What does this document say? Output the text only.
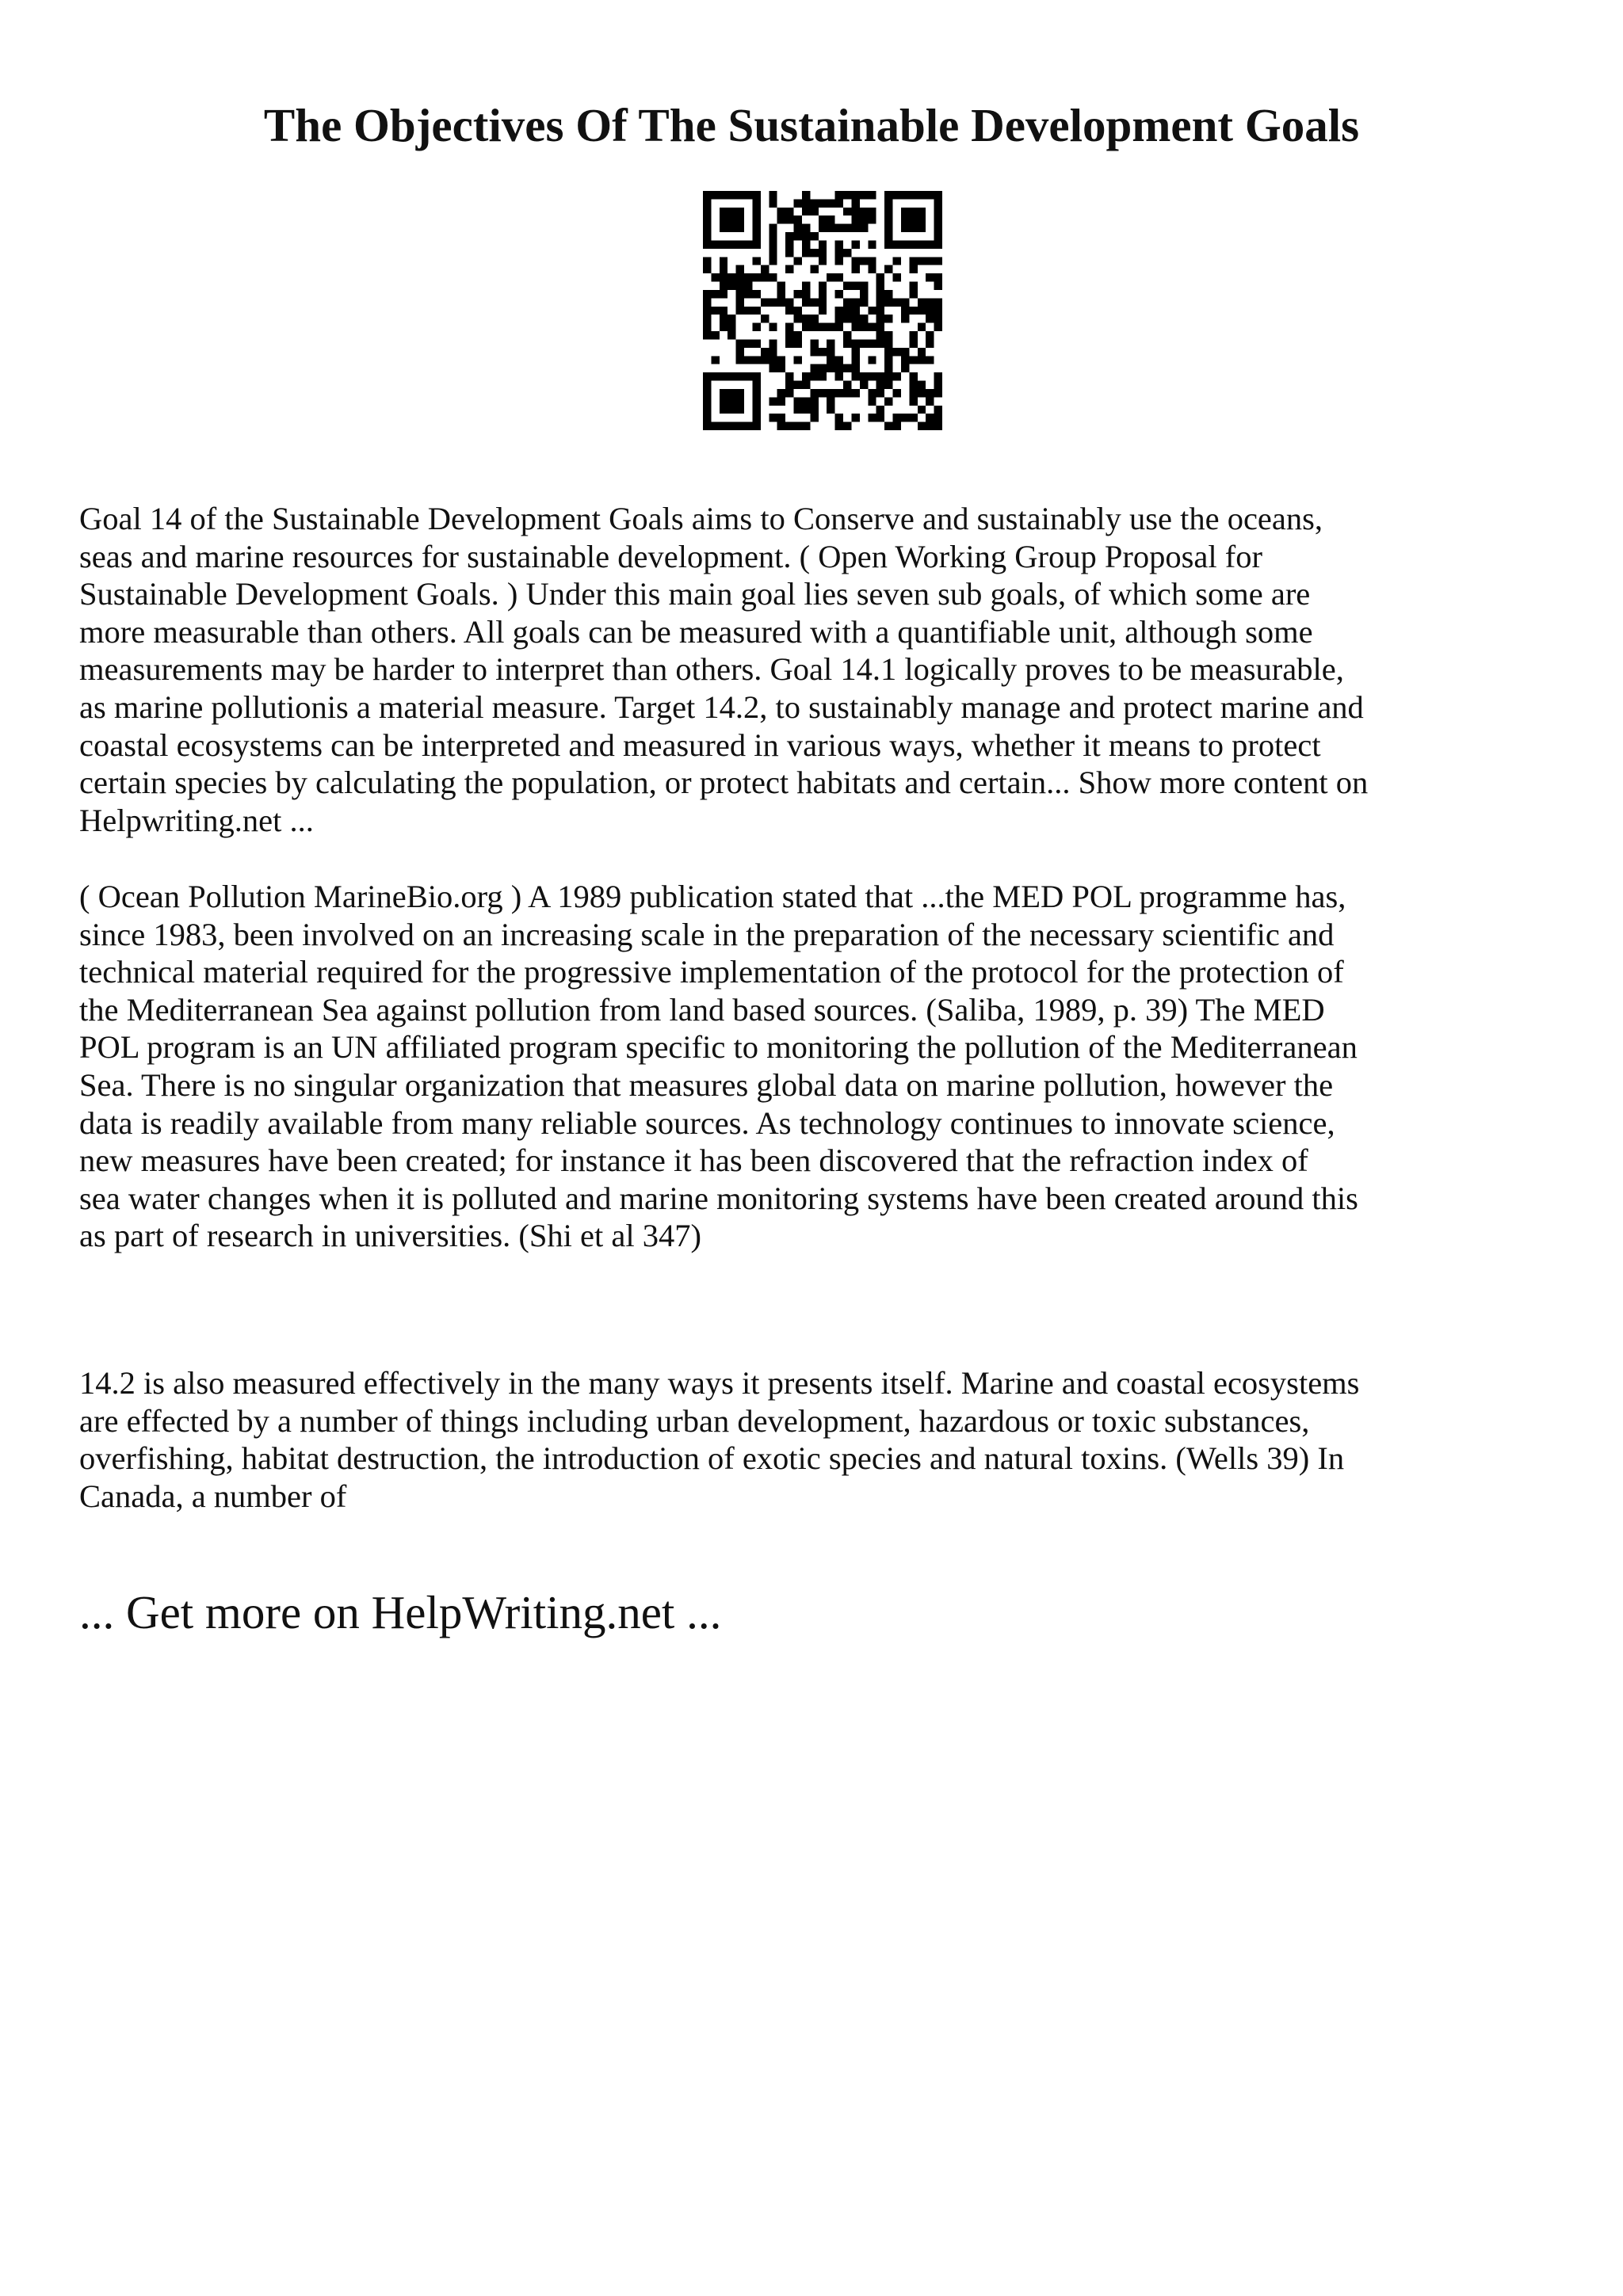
The Objectives Of The Sustainable Development Goals
Goal 14 of the Sustainable Development Goals aims to Conserve and sustainably use the oceans,
seas and marine resources for sustainable development. ( Open Working Group Proposal for
Sustainable Development Goals. ) Under this main goal lies seven sub goals, of which some are
more measurable than others. All goals can be measured with a quantifiable unit, although some
measurements may be harder to interpret than others. Goal 14.1 logically proves to be measurable,
as marine pollutionis a material measure. Target 14.2, to sustainably manage and protect marine and
coastal ecosystems can be interpreted and measured in various ways, whether it means to protect
certain species by calculating the population, or protect habitats and certain... Show more content on
Helpwriting.net ...
( Ocean Pollution MarineBio.org ) A 1989 publication stated that ...the MED POL programme has,
since 1983, been involved on an increasing scale in the preparation of the necessary scientific and
technical material required for the progressive implementation of the protocol for the protection of
the Mediterranean Sea against pollution from land based sources. (Saliba, 1989, p. 39) The MED
POL program is an UN affiliated program specific to monitoring the pollution of the Mediterranean
Sea. There is no singular organization that measures global data on marine pollution, however the
data is readily available from many reliable sources. As technology continues to innovate science,
new measures have been created; for instance it has been discovered that the refraction index of
sea water changes when it is polluted and marine monitoring systems have been created around this
as part of research in universities. (Shi et al 347)
14.2 is also measured effectively in the many ways it presents itself. Marine and coastal ecosystems
are effected by a number of things including urban development, hazardous or toxic substances,
overfishing, habitat destruction, the introduction of exotic species and natural toxins. (Wells 39) In
Canada, a number of

... Get more on HelpWriting.net ...
